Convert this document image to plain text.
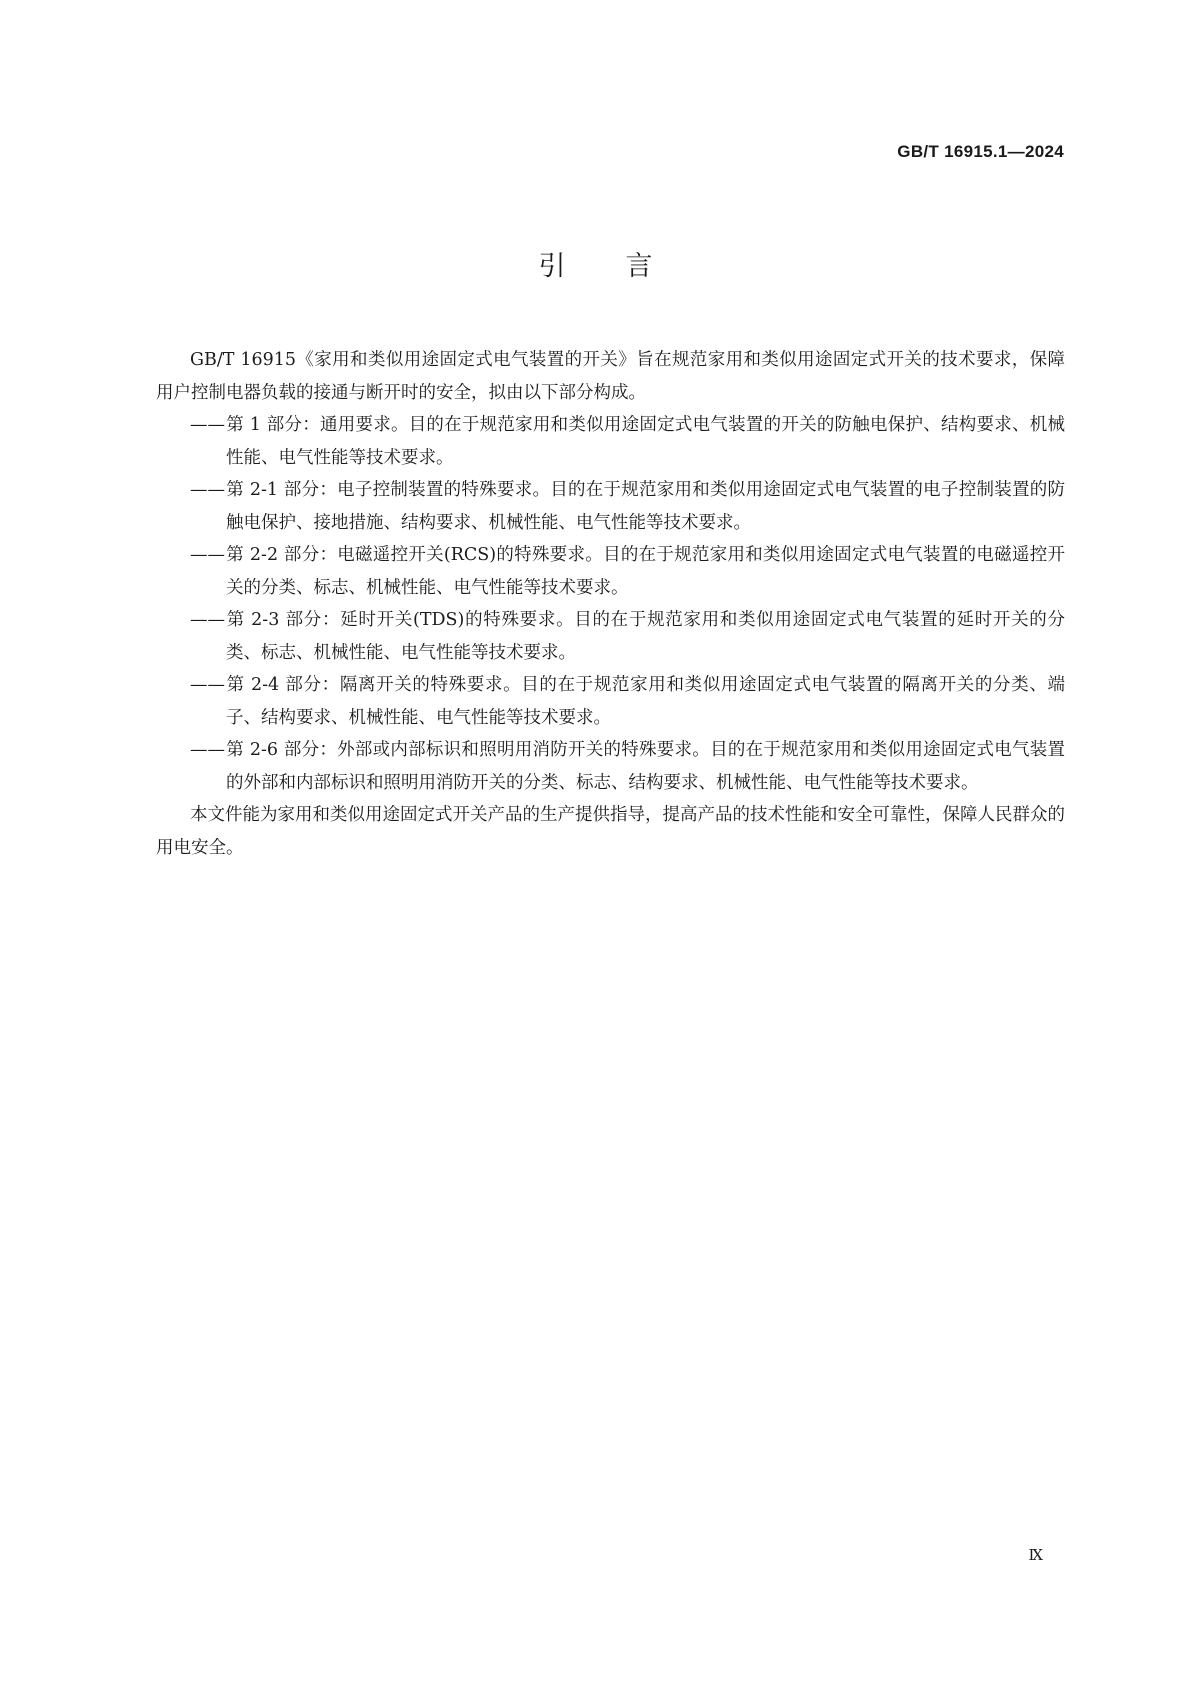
GB/T 16915.1—2024
引言

GB/T 16915《家用和类似用途固定式电气装置的开关》旨在规范家用和类似用途固定式开关的技术要求，保障用户控制电器负载的接通与断开时的安全，拟由以下部分构成。

——第 1 部分：通用要求。目的在于规范家用和类似用途固定式电气装置的开关的防触电保护、结构要求、机械性能、电气性能等技术要求。

——第 2-1 部分：电子控制装置的特殊要求。目的在于规范家用和类似用途固定式电气装置的电子控制装置的防触电保护、接地措施、结构要求、机械性能、电气性能等技术要求。

——第 2-2 部分：电磁遥控开关(RCS)的特殊要求。目的在于规范家用和类似用途固定式电气装置的电磁遥控开关的分类、标志、机械性能、电气性能等技术要求。

——第 2-3 部分：延时开关(TDS)的特殊要求。目的在于规范家用和类似用途固定式电气装置的延时开关的分类、标志、机械性能、电气性能等技术要求。

——第 2-4 部分：隔离开关的特殊要求。目的在于规范家用和类似用途固定式电气装置的隔离开关的分类、端子、结构要求、机械性能、电气性能等技术要求。

——第 2-6 部分：外部或内部标识和照明用消防开关的特殊要求。目的在于规范家用和类似用途固定式电气装置的外部和内部标识和照明用消防开关的分类、标志、结构要求、机械性能、电气性能等技术要求。

本文件能为家用和类似用途固定式开关产品的生产提供指导，提高产品的技术性能和安全可靠性，保障人民群众的用电安全。

Ⅸ
